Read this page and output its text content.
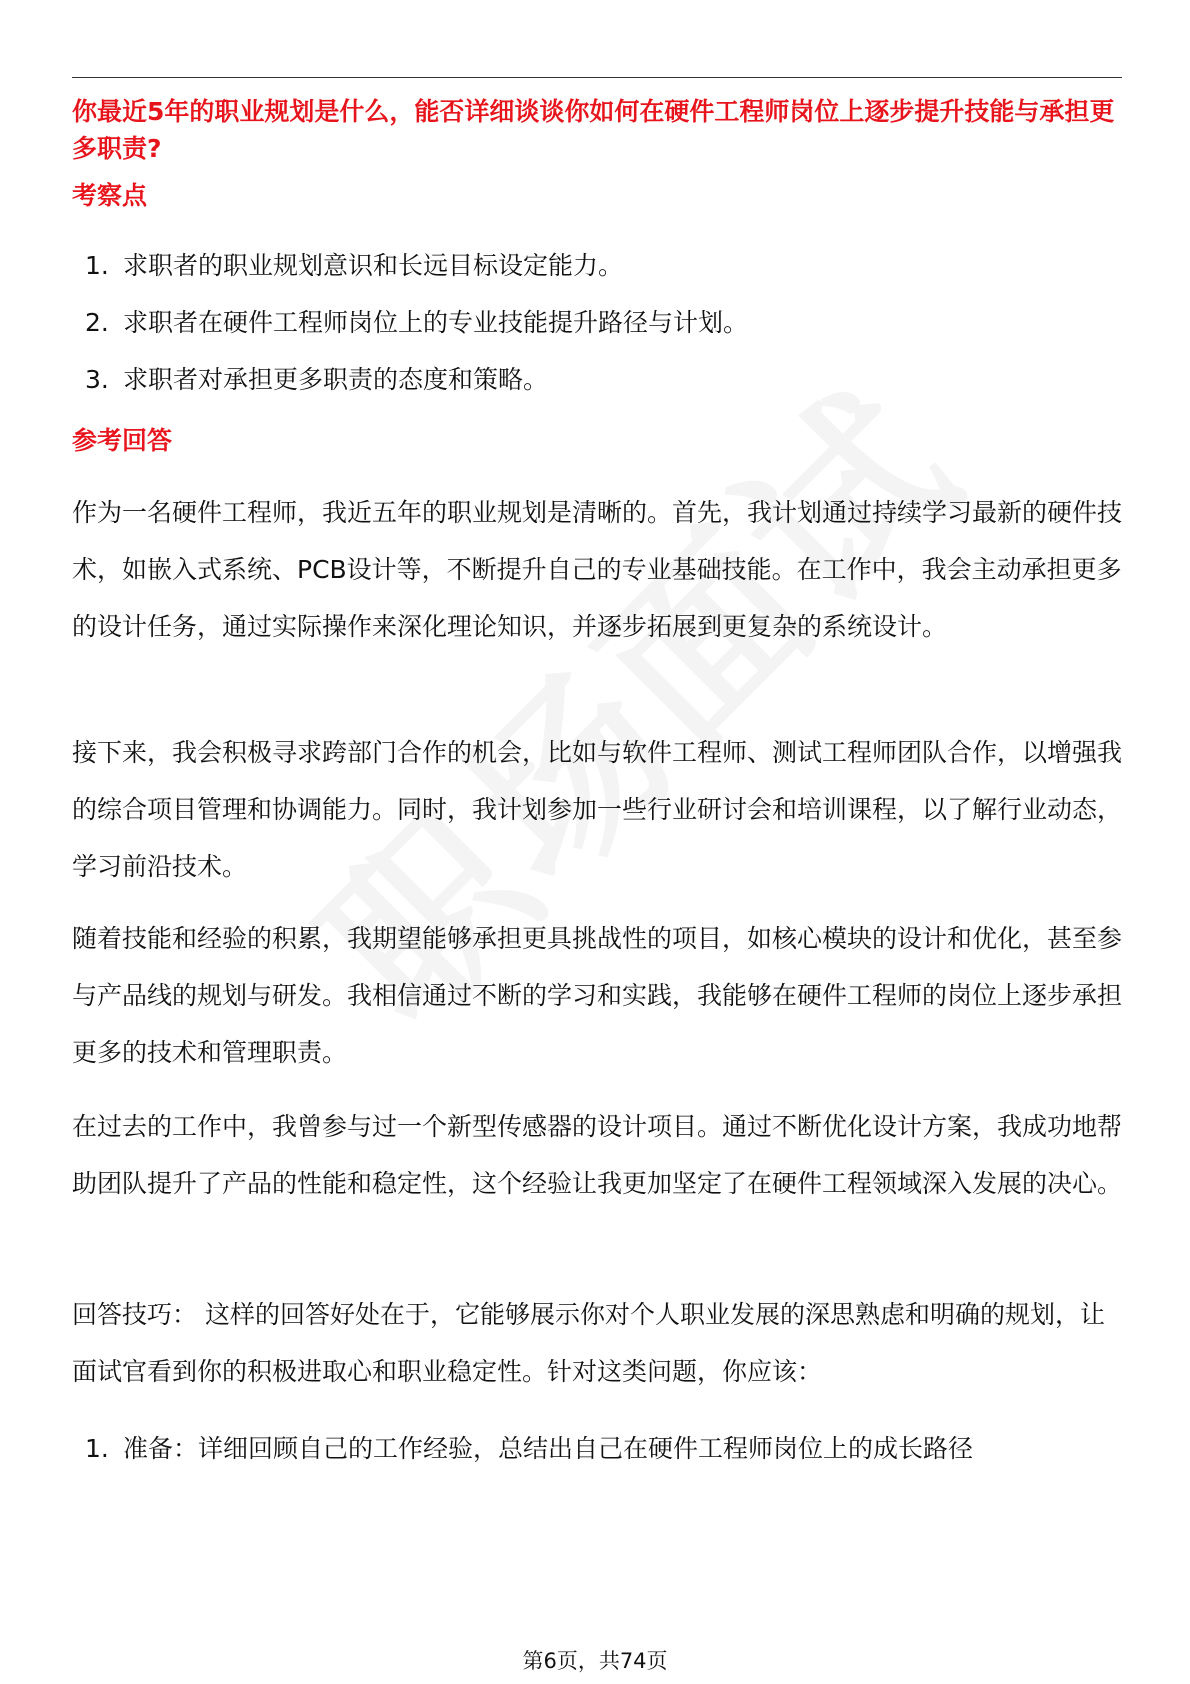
你最近5年的职业规划是什么，能否详细谈谈你如何在硬件工程师岗位上逐步提升技能与承担更多职责?
考察点
1. 求职者的职业规划意识和长远目标设定能力。
2. 求职者在硬件工程师岗位上的专业技能提升路径与计划。
3. 求职者对承担更多职责的态度和策略。
参考回答
作为一名硬件工程师，我近五年的职业规划是清晰的。首先，我计划通过持续学习最新的硬件技术，如嵌入式系统、PCB设计等，不断提升自己的专业基础技能。在工作中，我会主动承担更多的设计任务，通过实际操作来深化理论知识，并逐步拓展到更复杂的系统设计。
接下来，我会积极寻求跨部门合作的机会，比如与软件工程师、测试工程师团队合作，以增强我的综合项目管理和协调能力。同时，我计划参加一些行业研讨会和培训课程，以了解行业动态，学习前沿技术。
随着技能和经验的积累，我期望能够承担更具挑战性的项目，如核心模块的设计和优化，甚至参与产品线的规划与研发。我相信通过不断的学习和实践，我能够在硬件工程师的岗位上逐步承担更多的技术和管理职责。
在过去的工作中，我曾参与过一个新型传感器的设计项目。通过不断优化设计方案，我成功地帮助团队提升了产品的性能和稳定性，这个经验让我更加坚定了在硬件工程领域深入发展的决心。
回答技巧： 这样的回答好处在于，它能够展示你对个人职业发展的深思熟虑和明确的规划，让面试官看到你的积极进取心和职业稳定性。针对这类问题，你应该：
1. 准备：详细回顾自己的工作经验，总结出自己在硬件工程师岗位上的成长路径
第6页，共74页
